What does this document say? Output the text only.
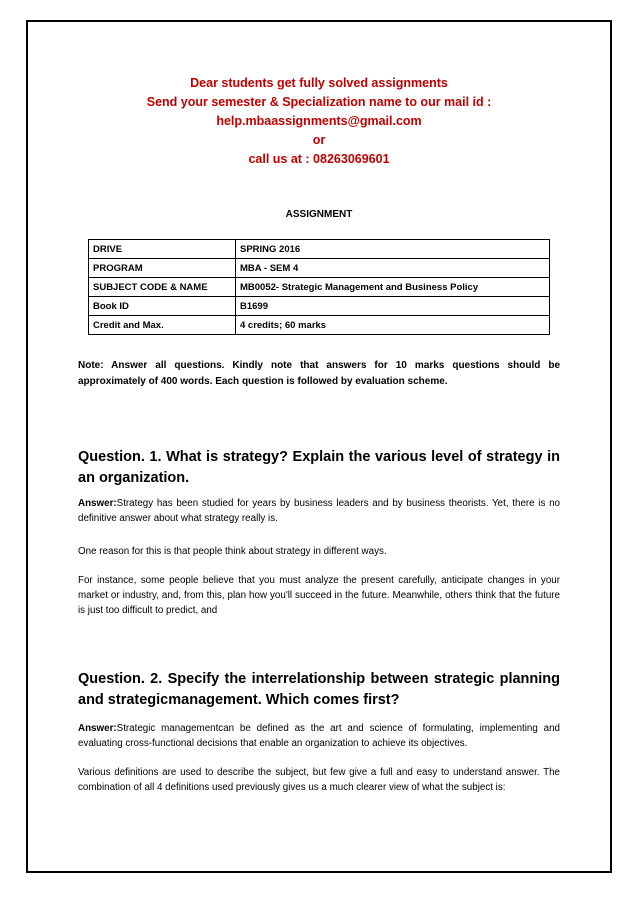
Dear students get fully solved assignments
Send your semester & Specialization name to our mail id :
help.mbaassignments@gmail.com
or
call us at : 08263069601
ASSIGNMENT
DRIVE	SPRING 2016
PROGRAM	MBA - SEM 4
SUBJECT CODE & NAME	MB0052- Strategic Management and Business Policy
Book ID	B1699
Credit and Max.	4 credits; 60 marks
Note: Answer all questions. Kindly note that answers for 10 marks questions should be approximately of 400 words. Each question is followed by evaluation scheme.
Question. 1. What is strategy? Explain the various level of strategy in an organization.
Answer:Strategy has been studied for years by business leaders and by business theorists. Yet, there is no definitive answer about what strategy really is.
One reason for this is that people think about strategy in different ways.
For instance, some people believe that you must analyze the present carefully, anticipate changes in your market or industry, and, from this, plan how you'll succeed in the future. Meanwhile, others think that the future is just too difficult to predict, and
Question. 2. Specify the interrelationship between strategic planning and strategicmanagement. Which comes first?
Answer:Strategic managementcan be defined as the art and science of formulating, implementing and evaluating cross-functional decisions that enable an organization to achieve its objectives.
Various definitions are used to describe the subject, but few give a full and easy to understand answer. The combination of all 4 definitions used previously gives us a much clearer view of what the subject is:
